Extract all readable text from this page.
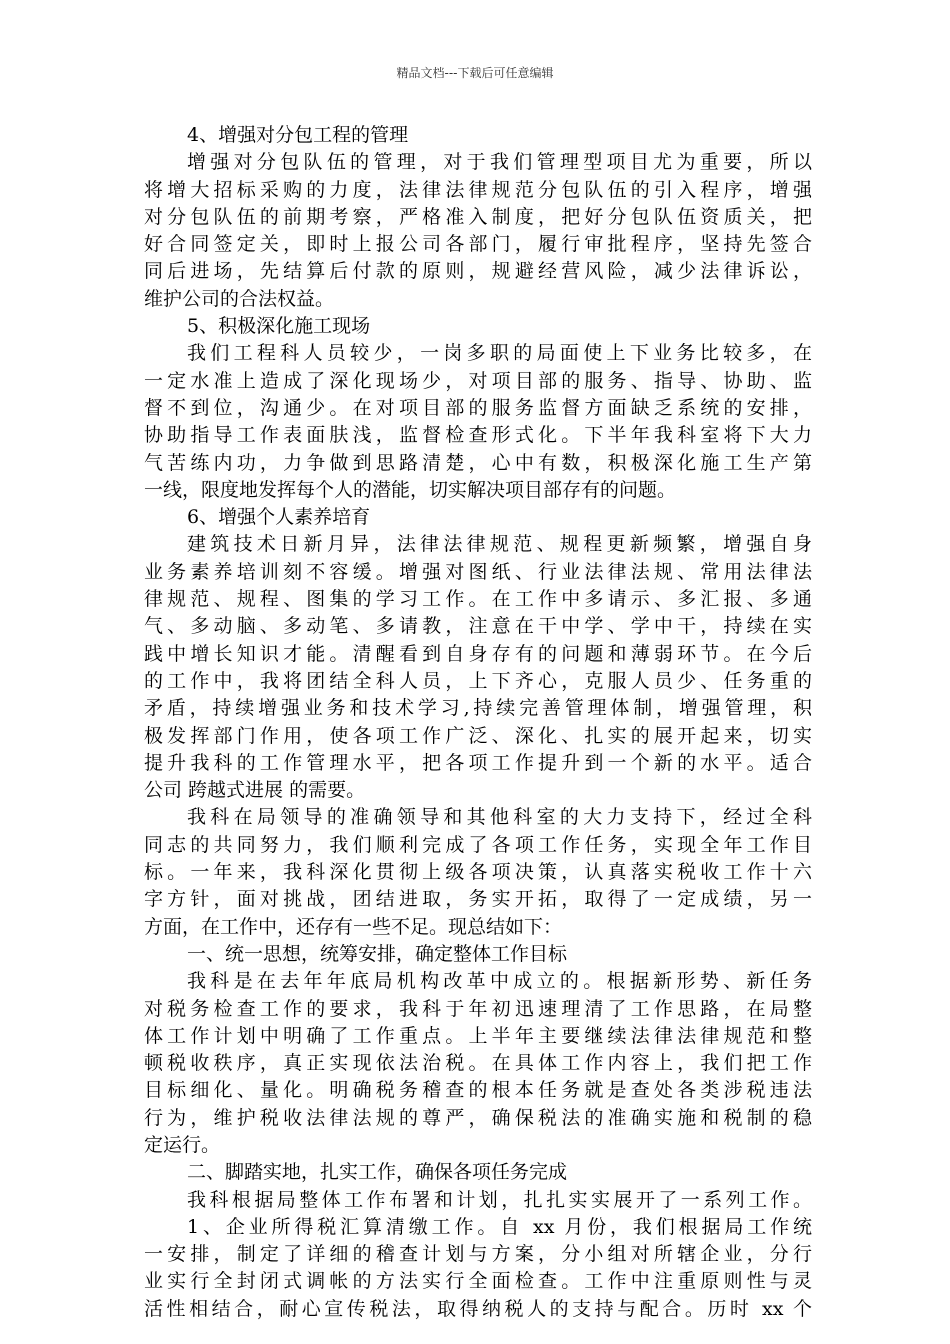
精品文档---下载后可任意编辑
4、增强对分包工程的管理
增强对分包队伍的管理，对于我们管理型项目尤为重要，所以
将增大招标采购的力度，法律法律规范分包队伍的引入程序，增强
对分包队伍的前期考察，严格准入制度，把好分包队伍资质关，把
好合同签定关，即时上报公司各部门，履行审批程序，坚持先签合
同后进场，先结算后付款的原则，规避经营风险，减少法律诉讼，
维护公司的合法权益。
5、积极深化施工现场
我们工程科人员较少，一岗多职的局面使上下业务比较多，在
一定水准上造成了深化现场少，对项目部的服务、指导、协助、监
督不到位，沟通少。在对项目部的服务监督方面缺乏系统的安排，
协助指导工作表面肤浅，监督检查形式化。下半年我科室将下大力
气苦练内功，力争做到思路清楚，心中有数，积极深化施工生产第
一线，限度地发挥每个人的潜能，切实解决项目部存有的问题。
6、增强个人素养培育
建筑技术日新月异，法律法律规范、规程更新频繁，增强自身
业务素养培训刻不容缓。增强对图纸、行业法律法规、常用法律法
律规范、规程、图集的学习工作。在工作中多请示、多汇报、多通
气、多动脑、多动笔、多请教，注意在干中学、学中干，持续在实
践中增长知识才能。清醒看到自身存有的问题和薄弱环节。在今后
的工作中，我将团结全科人员，上下齐心，克服人员少、任务重的
矛盾，持续增强业务和技术学习,持续完善管理体制，增强管理，积
极发挥部门作用，使各项工作广泛、深化、扎实的展开起来，切实
提升我科的工作管理水平，把各项工作提升到一个新的水平。适合
公司 跨越式进展 的需要。
我科在局领导的准确领导和其他科室的大力支持下，经过全科
同志的共同努力，我们顺利完成了各项工作任务，实现全年工作目
标。一年来，我科深化贯彻上级各项决策，认真落实税收工作十六
字方针，面对挑战，团结进取，务实开拓，取得了一定成绩，另一
方面，在工作中，还存有一些不足。现总结如下：
一、统一思想，统筹安排，确定整体工作目标
我科是在去年年底局机构改革中成立的。根据新形势、新任务
对税务检查工作的要求，我科于年初迅速理清了工作思路，在局整
体工作计划中明确了工作重点。上半年主要继续法律法律规范和整
顿税收秩序，真正实现依法治税。在具体工作内容上，我们把工作
目标细化、量化。明确税务稽查的根本任务就是查处各类涉税违法
行为，维护税收法律法规的尊严，确保税法的准确实施和税制的稳
定运行。
二、脚踏实地，扎实工作，确保各项任务完成
我科根据局整体工作布署和计划，扎扎实实展开了一系列工作。
1、企业所得税汇算清缴工作。自 xx 月份，我们根据局工作统
一安排，制定了详细的稽查计划与方案，分小组对所辖企业，分行
业实行全封闭式调帐的方法实行全面检查。工作中注重原则性与灵
活性相结合，耐心宣传税法，取得纳税人的支持与配合。历时 xx 个
